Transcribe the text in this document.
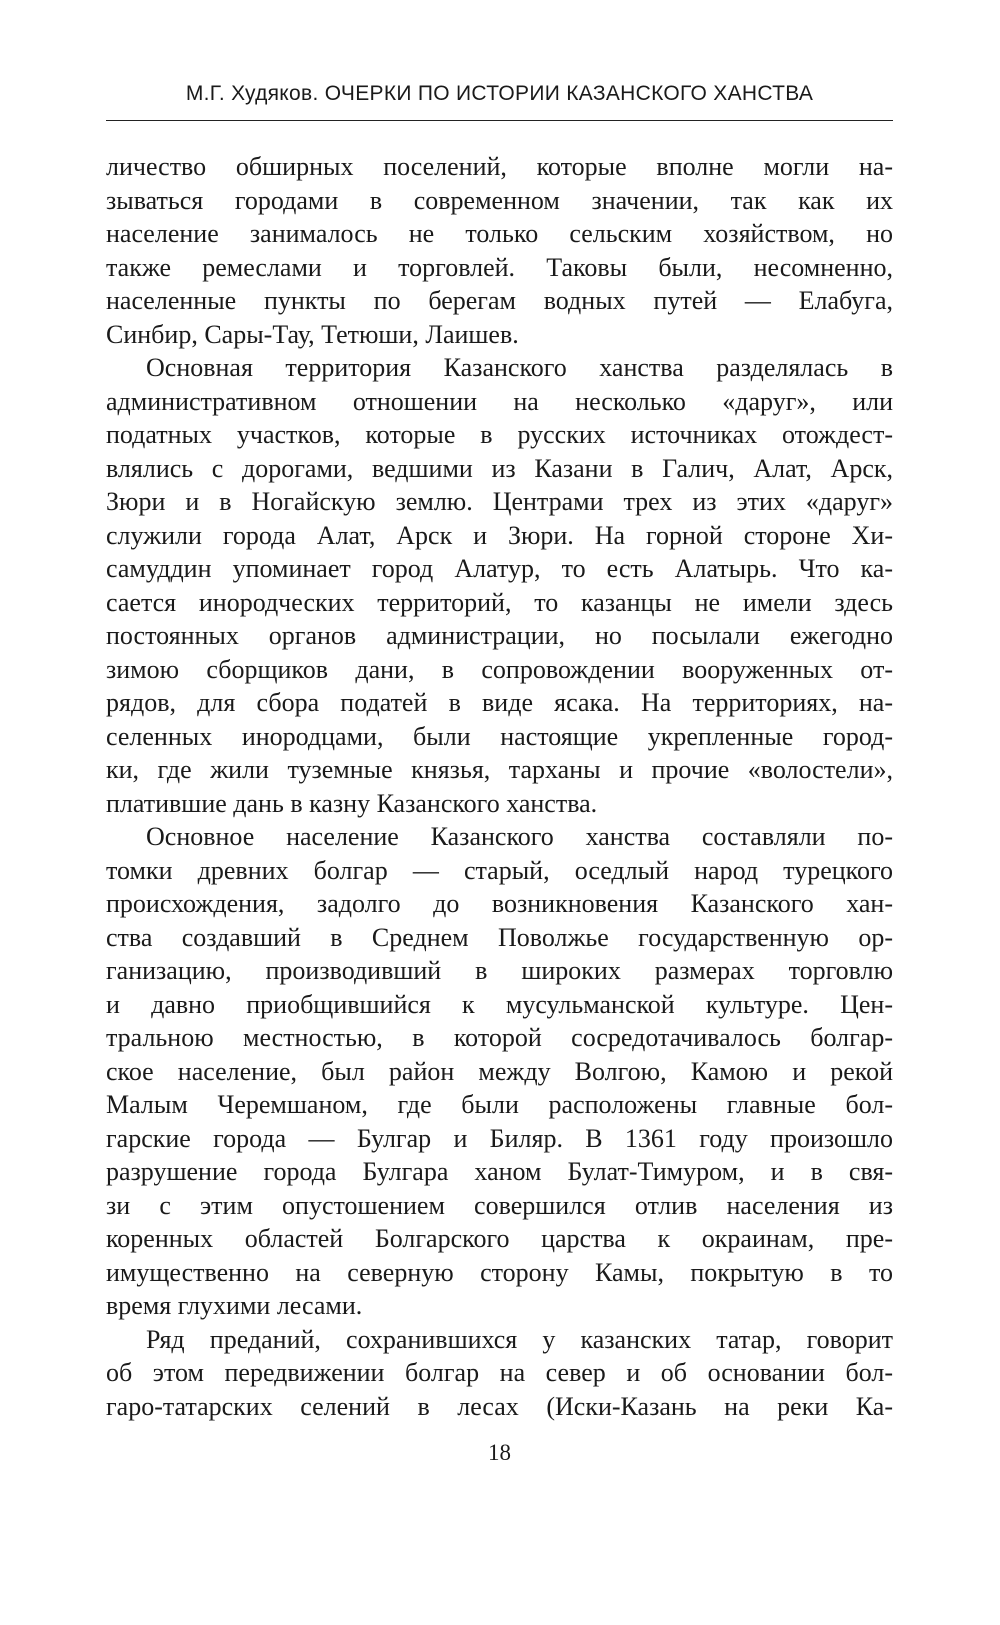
М.Г. Худяков. ОЧЕРКИ ПО ИСТОРИИ КАЗАНСКОГО ХАНСТВА
личество обширных поселений, которые вполне могли на-
зываться городами в современном значении, так как их
население занималось не только сельским хозяйством, но
также ремеслами и торговлей. Таковы были, несомненно,
населенные пункты по берегам водных путей — Елабуга,
Синбир, Сары-Тау, Тетюши, Лаишев.
Основная территория Казанского ханства разделялась в
административном отношении на несколько «даруг», или
податных участков, которые в русских источниках отождест-
влялись с дорогами, ведшими из Казани в Галич, Алат, Арск,
Зюри и в Ногайскую землю. Центрами трех из этих «даруг»
служили города Алат, Арск и Зюри. На горной стороне Хи-
самуддин упоминает город Алатур, то есть Алатырь. Что ка-
сается инородческих территорий, то казанцы не имели здесь
постоянных органов администрации, но посылали ежегодно
зимою сборщиков дани, в сопровождении вооруженных от-
рядов, для сбора податей в виде ясака. На территориях, на-
селенных инородцами, были настоящие укрепленные город-
ки, где жили туземные князья, тарханы и прочие «волостели»,
платившие дань в казну Казанского ханства.
Основное население Казанского ханства составляли по-
томки древних болгар — старый, оседлый народ турецкого
происхождения, задолго до возникновения Казанского хан-
ства создавший в Среднем Поволжье государственную ор-
ганизацию, производивший в широких размерах торговлю
и давно приобщившийся к мусульманской культуре. Цен-
тральною местностью, в которой сосредотачивалось болгар-
ское население, был район между Волгою, Камою и рекой
Малым Черемшаном, где были расположены главные бол-
гарские города — Булгар и Биляр. В 1361 году произошло
разрушение города Булгара ханом Булат-Тимуром, и в свя-
зи с этим опустошением совершился отлив населения из
коренных областей Болгарского царства к окраинам, пре-
имущественно на северную сторону Камы, покрытую в то
время глухими лесами.
Ряд преданий, сохранившихся у казанских татар, говорит
об этом передвижении болгар на север и об основании бол-
гаро-татарских селений в лесах (Иски-Казань на реки Ка-
18
